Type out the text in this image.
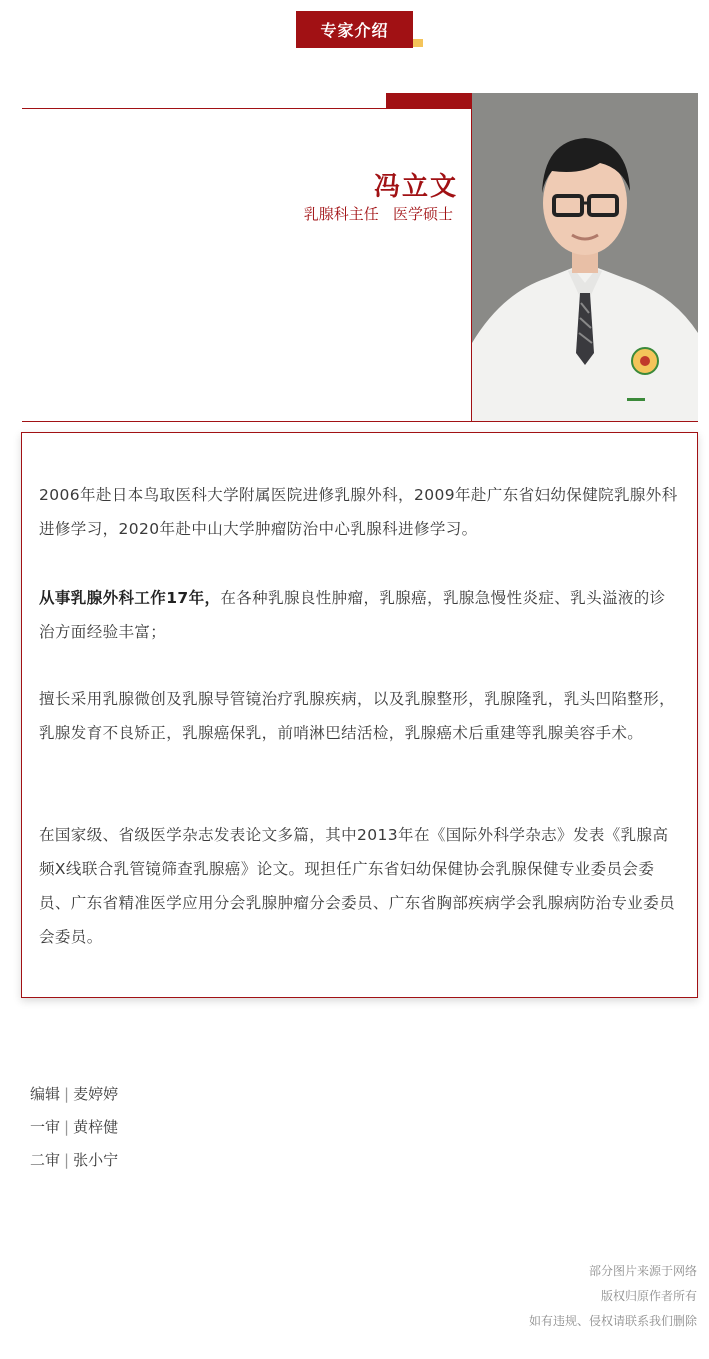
专家介绍
冯立文
乳腺科主任   医学硕士

2006年赴日本鸟取医科大学附属医院进修乳腺外科，2009年赴广东省妇幼保健院乳腺外科进修学习，2020年赴中山大学肿瘤防治中心乳腺科进修学习。

从事乳腺外科工作17年，在各种乳腺良性肿瘤，乳腺癌，乳腺急慢性炎症、乳头溢液的诊治方面经验丰富；

擅长采用乳腺微创及乳腺导管镜治疗乳腺疾病，以及乳腺整形，乳腺隆乳，乳头凹陷整形，乳腺发育不良矫正，乳腺癌保乳，前哨淋巴结活检，乳腺癌术后重建等乳腺美容手术。

在国家级、省级医学杂志发表论文多篇，其中2013年在《国际外科学杂志》发表《乳腺高频X线联合乳管镜筛查乳腺癌》论文。现担任广东省妇幼保健协会乳腺保健专业委员会委员、广东省精准医学应用分会乳腺肿瘤分会委员、广东省胸部疾病学会乳腺病防治专业委员会委员。

编辑 | 麦婷婷
一审 | 黄梓健
二审 | 张小宁
部分图片来源于网络
版权归原作者所有
如有违规、侵权请联系我们删除
